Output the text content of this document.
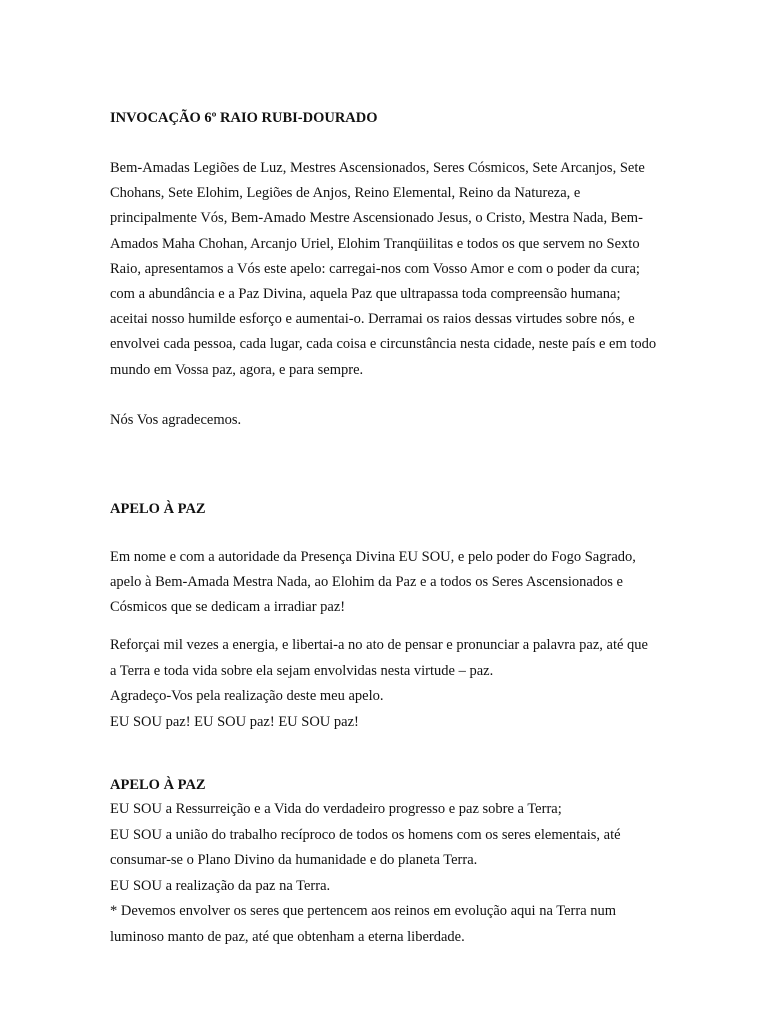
INVOCAÇÃO 6º RAIO RUBI-DOURADO
Bem-Amadas Legiões de Luz, Mestres Ascensionados, Seres Cósmicos, Sete Arcanjos, Sete
Chohans, Sete Elohim, Legiões de Anjos, Reino Elemental, Reino da Natureza, e
principalmente Vós, Bem-Amado Mestre Ascensionado Jesus, o Cristo, Mestra Nada, Bem-
Amados Maha Chohan, Arcanjo Uriel, Elohim Tranqüilitas e todos os que servem no Sexto
Raio, apresentamos a Vós este apelo: carregai-nos com Vosso Amor e com o poder da cura;
com a abundância e a Paz Divina, aquela Paz que ultrapassa toda compreensão humana;
aceitai nosso humilde esforço e aumentai-o. Derramai os raios dessas virtudes sobre nós, e
envolvei cada pessoa, cada lugar, cada coisa e circunstância nesta cidade, neste país e em todo
mundo em Vossa paz, agora, e para sempre.

Nós Vos agradecemos.

APELO À PAZ
Em nome e com a autoridade da Presença Divina EU SOU, e pelo poder do Fogo Sagrado,
apelo à Bem-Amada Mestra Nada, ao Elohim da Paz e a todos os Seres Ascensionados e
Cósmicos que se dedicam a irradiar paz!
Reforçai mil vezes a energia, e libertai-a no ato de pensar e pronunciar a palavra paz, até que
a Terra e toda vida sobre ela sejam envolvidas nesta virtude – paz.
Agradeço-Vos pela realização deste meu apelo.
EU SOU paz! EU SOU paz! EU SOU paz!
APELO À PAZ
EU SOU a Ressurreição e a Vida do verdadeiro progresso e paz sobre a Terra;
EU SOU a união do trabalho recíproco de todos os homens com os seres elementais, até
consumar-se o Plano Divino da humanidade e do planeta Terra.
EU SOU a realização da paz na Terra.
* Devemos envolver os seres que pertencem aos reinos em evolução aqui na Terra num
luminoso manto de paz, até que obtenham a eterna liberdade.
